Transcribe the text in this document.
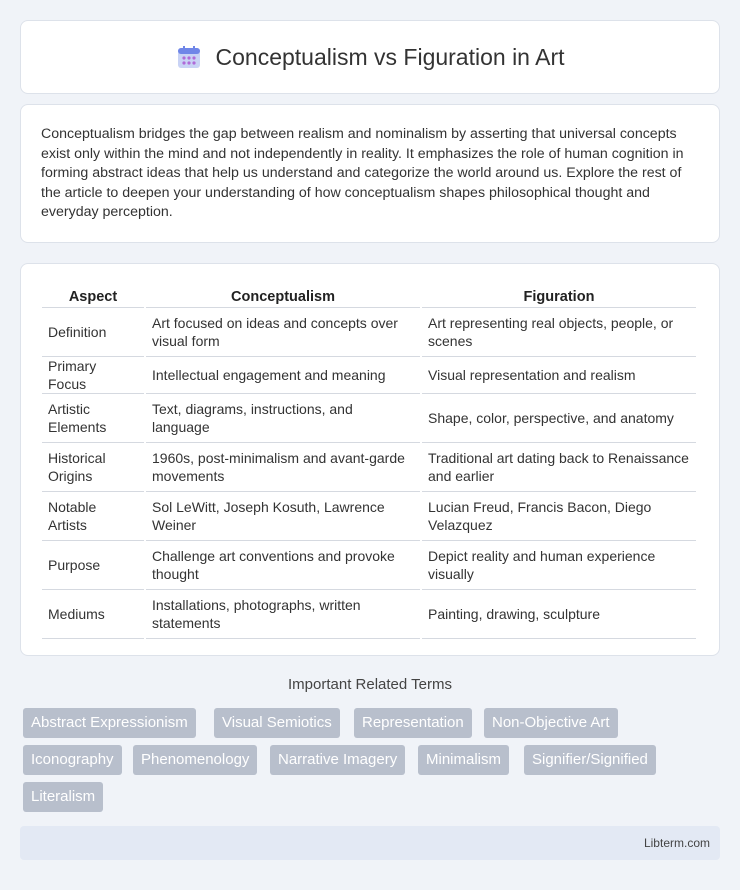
Conceptualism vs Figuration in Art

Conceptualism bridges the gap between realism and nominalism by asserting that universal concepts exist only within the mind and not independently in reality. It emphasizes the role of human cognition in forming abstract ideas that help us understand and categorize the world around us. Explore the rest of the article to deepen your understanding of how conceptualism shapes philosophical thought and everyday perception.

Aspect	Conceptualism	Figuration
Definition	Art focused on ideas and concepts over visual form	Art representing real objects, people, or scenes
Primary Focus	Intellectual engagement and meaning	Visual representation and realism
Artistic Elements	Text, diagrams, instructions, and language	Shape, color, perspective, and anatomy
Historical Origins	1960s, post-minimalism and avant-garde movements	Traditional art dating back to Renaissance and earlier
Notable Artists	Sol LeWitt, Joseph Kosuth, Lawrence Weiner	Lucian Freud, Francis Bacon, Diego Velazquez
Purpose	Challenge art conventions and provoke thought	Depict reality and human experience visually
Mediums	Installations, photographs, written statements	Painting, drawing, sculpture
Important Related Terms
Abstract Expressionism	Visual Semiotics	Representation	Non-Objective Art
Iconography	Phenomenology	Narrative Imagery	Minimalism	Signifier/Signified
Literalism
Libterm.com
